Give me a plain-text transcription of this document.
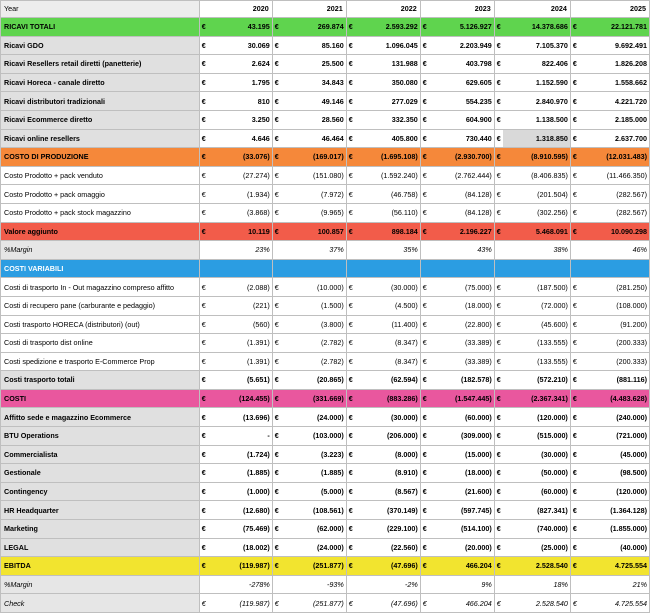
Year	2020		2021		2022		2023		2024		2025	
RICAVI TOTALI	€	43.195	€	269.874	€	2.593.292	€	5.126.927	€	14.378.686	€	22.121.781
Ricavi GDO	€	30.069	€	85.160	€	1.096.045	€	2.203.949	€	7.105.370	€	9.692.491
Ricavi Resellers retail diretti (panetterie)	€	2.624	€	25.500	€	131.988	€	403.798	€	822.406	€	1.826.208
Ricavi Horeca - canale diretto	€	1.795	€	34.843	€	350.080	€	629.605	€	1.152.590	€	1.558.662
Ricavi distributori tradizionali	€	810	€	49.146	€	277.029	€	554.235	€	2.840.970	€	4.221.720
Ricavi Ecommerce diretto	€	3.250	€	28.560	€	332.350	€	604.900	€	1.138.500	€	2.185.000
Ricavi online resellers	€	4.646	€	46.464	€	405.800	€	730.440	€	1.318.850	€	2.637.700
COSTO DI PRODUZIONE	€	(33.076)	€	(169.017)	€	(1.695.108)	€	(2.930.700)	€	(8.910.595)	€	(12.031.483)
Costo Prodotto + pack venduto	€	(27.274)	€	(151.080)	€	(1.592.240)	€	(2.762.444)	€	(8.406.835)	€	(11.466.350)
Costo Prodotto + pack omaggio	€	(1.934)	€	(7.972)	€	(46.758)	€	(84.128)	€	(201.504)	€	(282.567)
Costo Prodotto + pack stock magazzino	€	(3.868)	€	(9.965)	€	(56.110)	€	(84.128)	€	(302.256)	€	(282.567)
Valore aggiunto	€	10.119	€	100.857	€	898.184	€	2.196.227	€	5.468.091	€	10.090.298
%Margin	23%		37%		35%		43%		38%		46%	
COSTI VARIABILI												
Costi di trasporto In - Out magazzino compreso affitto	€	(2.088)	€	(10.000)	€	(30.000)	€	(75.000)	€	(187.500)	€	(281.250)
Costi di recupero pane (carburante e pedaggio)	€	(221)	€	(1.500)	€	(4.500)	€	(18.000)	€	(72.000)	€	(108.000)
Costi trasporto HORECA (distributori) (out)	€	(560)	€	(3.800)	€	(11.400)	€	(22.800)	€	(45.600)	€	(91.200)
Costi di trasporto dist online	€	(1.391)	€	(2.782)	€	(8.347)	€	(33.389)	€	(133.555)	€	(200.333)
Costi spedizione e trasporto E-Commerce Prop	€	(1.391)	€	(2.782)	€	(8.347)	€	(33.389)	€	(133.555)	€	(200.333)
Costi trasporto totali	€	(5.651)	€	(20.865)	€	(62.594)	€	(182.578)	€	(572.210)	€	(881.116)
COSTI	€	(124.455)	€	(331.669)	€	(883.286)	€	(1.547.445)	€	(2.367.341)	€	(4.483.628)
Affitto sede e magazzino Ecommerce	€	(13.696)	€	(24.000)	€	(30.000)	€	(60.000)	€	(120.000)	€	(240.000)
BTU Operations	€	-	€	(103.000)	€	(206.000)	€	(309.000)	€	(515.000)	€	(721.000)
Commercialista	€	(1.724)	€	(3.223)	€	(8.000)	€	(15.000)	€	(30.000)	€	(45.000)
Gestionale	€	(1.885)	€	(1.885)	€	(8.910)	€	(18.000)	€	(50.000)	€	(98.500)
Contingency	€	(1.000)	€	(5.000)	€	(8.567)	€	(21.600)	€	(60.000)	€	(120.000)
HR Headquarter	€	(12.680)	€	(108.561)	€	(370.149)	€	(597.745)	€	(827.341)	€	(1.364.128)
Marketing	€	(75.469)	€	(62.000)	€	(229.100)	€	(514.100)	€	(740.000)	€	(1.855.000)
LEGAL	€	(18.002)	€	(24.000)	€	(22.560)	€	(20.000)	€	(25.000)	€	(40.000)
EBITDA	€	(119.987)	€	(251.877)	€	(47.696)	€	466.204	€	2.528.540	€	4.725.554
%Margin	-278%		-93%		-2%		9%		18%		21%	
Check	€	(119.987)	€	(251.877)	€	(47.696)	€	466.204	€	2.528.540	€	4.725.554
